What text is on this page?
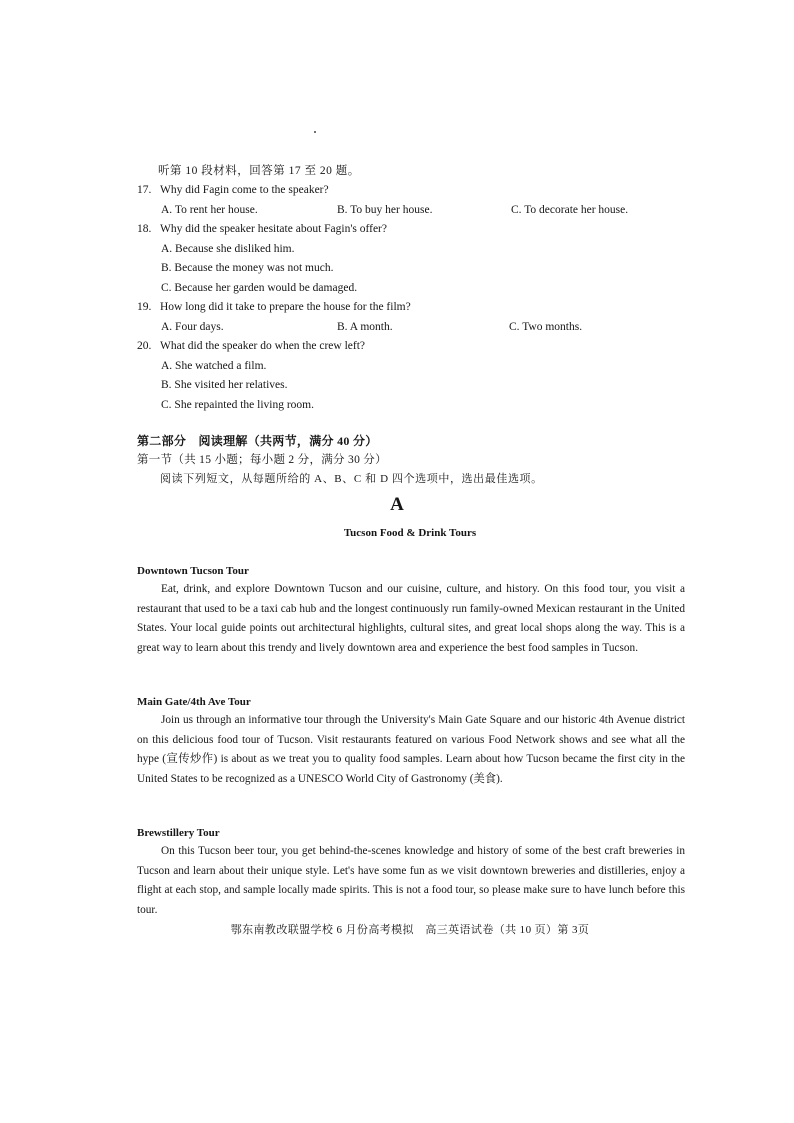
听第 10 段材料，回答第 17 至 20 题。
17. Why did Fagin come to the speaker?
A. To rent her house.	B. To buy her house.	C. To decorate her house.
18. Why did the speaker hesitate about Fagin's offer?
A. Because she disliked him.
B. Because the money was not much.
C. Because her garden would be damaged.
19. How long did it take to prepare the house for the film?
A. Four days.	B. A month.	C. Two months.
20. What did the speaker do when the crew left?
A. She watched a film.
B. She visited her relatives.
C. She repainted the living room.
第二部分　阅读理解（共两节，满分 40 分）
第一节（共 15 小题；每小题 2 分，满分 30 分）
阅读下列短文，从每题所给的 A、B、C 和 D 四个选项中，选出最佳选项。
A
Tucson Food & Drink Tours
Downtown Tucson Tour

Eat, drink, and explore Downtown Tucson and our cuisine, culture, and history. On this food tour, you visit a restaurant that used to be a taxi cab hub and the longest continuously run family-owned Mexican restaurant in the United States. Your local guide points out architectural highlights, cultural sites, and great local shops along the way. This is a great way to learn about this trendy and lively downtown area and experience the best food samples in Tucson.

Main Gate/4th Ave Tour

Join us through an informative tour through the University's Main Gate Square and our historic 4th Avenue district on this delicious food tour of Tucson. Visit restaurants featured on various Food Network shows and see what all the hype (宣传炒作) is about as we treat you to quality food samples. Learn about how Tucson became the first city in the United States to be recognized as a UNESCO World City of Gastronomy (美食).

Brewstillery Tour

On this Tucson beer tour, you get behind-the-scenes knowledge and history of some of the best craft breweries in Tucson and learn about their unique style. Let's have some fun as we visit downtown breweries and distilleries, enjoy a flight at each stop, and sample locally made spirits. This is not a food tour, so please make sure to have lunch before this tour.

鄂东南教改联盟学校 6 月份高考模拟　高三英语试卷（共 10 页）第 3页
